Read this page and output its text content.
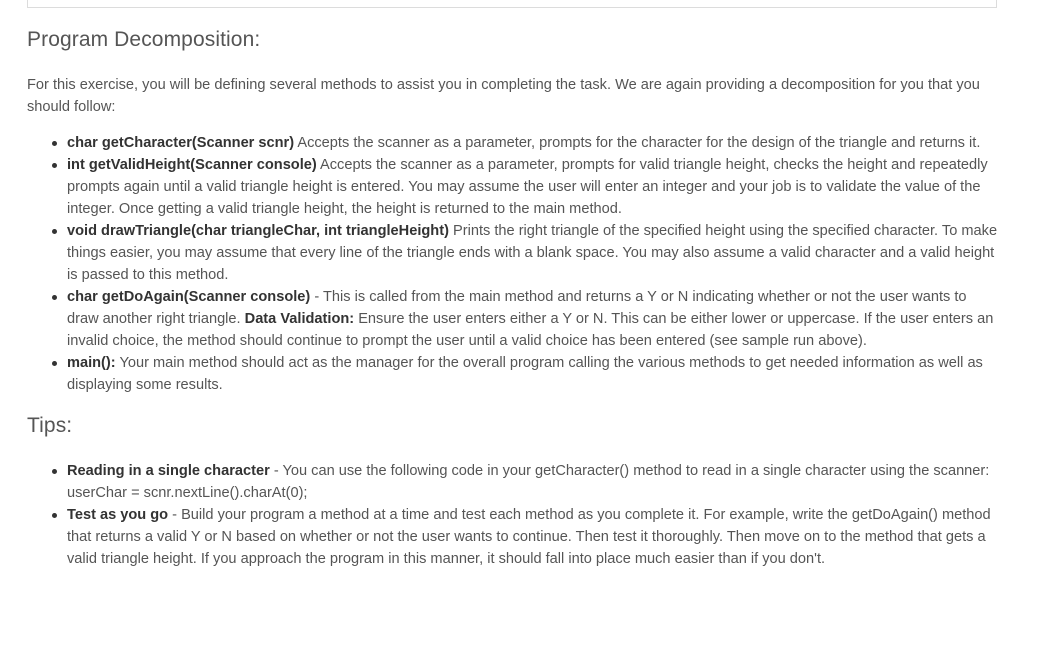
Program Decomposition:

For this exercise, you will be defining several methods to assist you in completing the task. We are again providing a decomposition for you that you should follow:

char getCharacter(Scanner scnr) Accepts the scanner as a parameter, prompts for the character for the design of the triangle and returns it.
int getValidHeight(Scanner console) Accepts the scanner as a parameter, prompts for valid triangle height, checks the height and repeatedly prompts again until a valid triangle height is entered. You may assume the user will enter an integer and your job is to validate the value of the integer. Once getting a valid triangle height, the height is returned to the main method.
void drawTriangle(char triangleChar, int triangleHeight) Prints the right triangle of the specified height using the specified character. To make things easier, you may assume that every line of the triangle ends with a blank space. You may also assume a valid character and a valid height is passed to this method.
char getDoAgain(Scanner console) - This is called from the main method and returns a Y or N indicating whether or not the user wants to draw another right triangle. Data Validation: Ensure the user enters either a Y or N. This can be either lower or uppercase. If the user enters an invalid choice, the method should continue to prompt the user until a valid choice has been entered (see sample run above).
main(): Your main method should act as the manager for the overall program calling the various methods to get needed information as well as displaying some results.
Tips:
Reading in a single character - You can use the following code in your getCharacter() method to read in a single character using the scanner: userChar = scnr.nextLine().charAt(0);
Test as you go - Build your program a method at a time and test each method as you complete it. For example, write the getDoAgain() method that returns a valid Y or N based on whether or not the user wants to continue. Then test it thoroughly. Then move on to the method that gets a valid triangle height. If you approach the program in this manner, it should fall into place much easier than if you don't.
